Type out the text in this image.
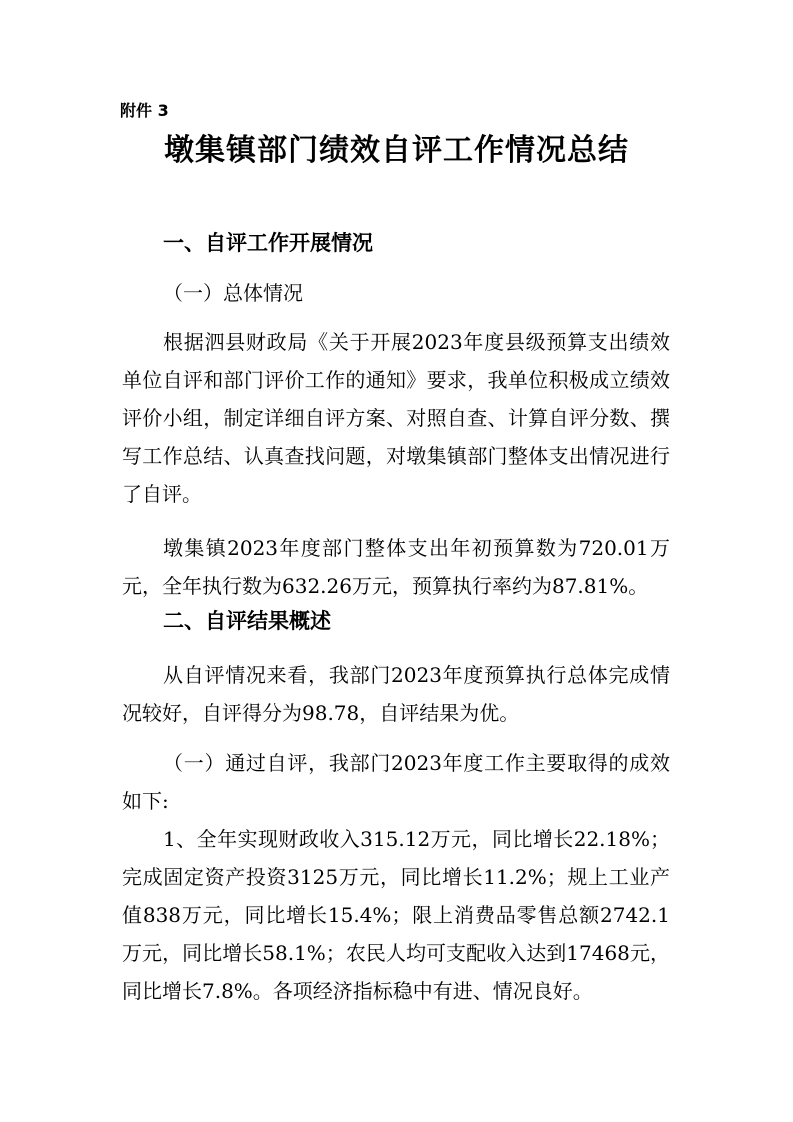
附件 3
墩集镇部门绩效自评工作情况总结
一、自评工作开展情况
（一）总体情况

根据泗县财政局《关于开展2023年度县级预算支出绩效单位自评和部门评价工作的通知》要求，我单位积极成立绩效评价小组，制定详细自评方案、对照自查、计算自评分数、撰写工作总结、认真查找问题，对墩集镇部门整体支出情况进行了自评。

墩集镇2023年度部门整体支出年初预算数为720.01万元，全年执行数为632.26万元，预算执行率约为87.81%。

二、自评结果概述

从自评情况来看，我部门2023年度预算执行总体完成情况较好，自评得分为98.78，自评结果为优。

（一）通过自评，我部门2023年度工作主要取得的成效如下:

1、全年实现财政收入315.12万元，同比增长22.18%；完成固定资产投资3125万元，同比增长11.2%；规上工业产值838万元，同比增长15.4%；限上消费品零售总额2742.1万元，同比增长58.1%；农民人均可支配收入达到17468元，同比增长7.8%。各项经济指标稳中有进、情况良好。
